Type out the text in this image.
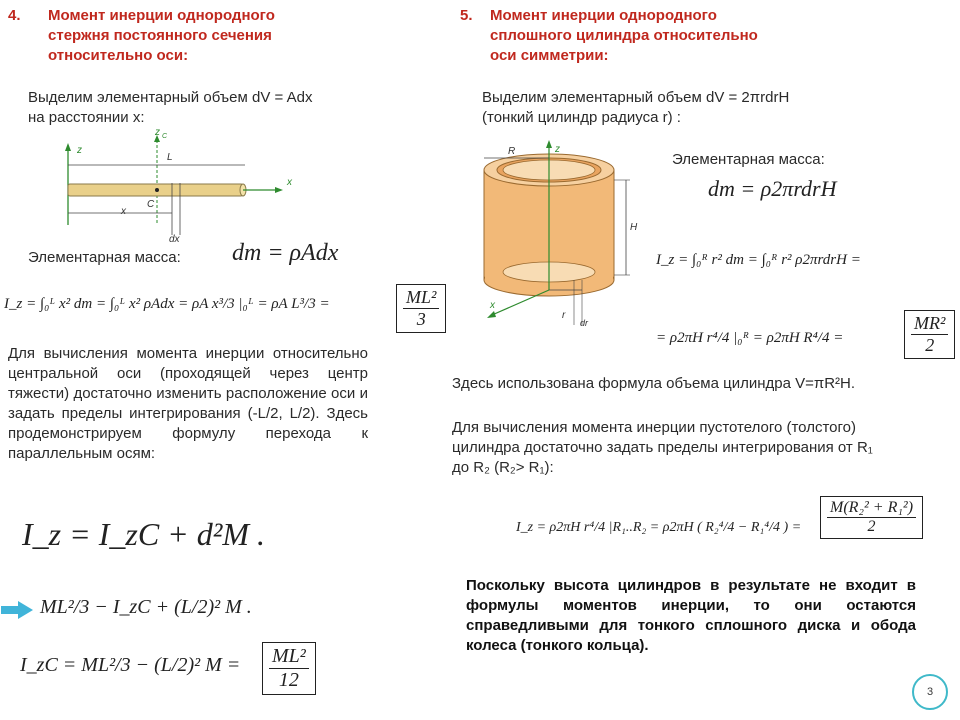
4. Момент инерции однородного
стержня постоянного сечения
относительно оси:
Выделим элементарный объем dV = Adx
на расстоянии x:
z
z C
L
x
C
x
dx
Элементарная масса: dm = ρAdx
I_z = ∫₀ᴸ x² dm = ∫₀ᴸ x² ρAdx = ρA x³/3 |₀ᴸ = ρA L³/3 =	$\frac{\text{ML²}}{3}$
Для вычисления момента инерции относительно центральной оси (проходящей через центр тяжести) достаточно изменить расположение оси и задать пределы интегрирования (-L/2, L/2). Здесь продемонстрируем формулу перехода к параллельным осям:
I_z = I_zC + d²M .
ML²/3 − I_zC + (L/2)² M .
I_zC = ML²/3 − (L/2)² $M = \frac{\text{ML²}}{12}$
5. Момент инерции однородного
сплошного цилиндра относительно
оси симметрии:
Выделим элементарный объем dV = 2πrdrH
(тонкий цилиндр радиуса r) :
z
R
H
x
r
dr
Элементарная масса:
dm = ρ2πrdrH
I_z = ∫₀ᴿ r² dm = ∫₀ᴿ r² ρ2πrdrH =
= ρ2πH r⁴/4 |₀ᴿ = ρ2πH R⁴/4 =	$\frac{\text{MR²}}{2}$
Здесь использована формула объема цилиндра V=πR²H.
Для вычисления момента инерции пустотелого (толстого) цилиндра достаточно задать пределы интегрирования от R₁ до R₂ (R₂> R₁):
I_z = ρ2πH r⁴/4 |R₁..R₂ = ρ2πH ( R₂⁴/4 − R₁⁴/4 ) = $\frac{\text{M(R₂² + R₁²)}}{2}$
Поскольку высота цилиндров в результате не входит в формулы моментов инерции, то они остаются справедливыми для тонкого сплошного диска и обода колеса (тонкого кольца).
3
